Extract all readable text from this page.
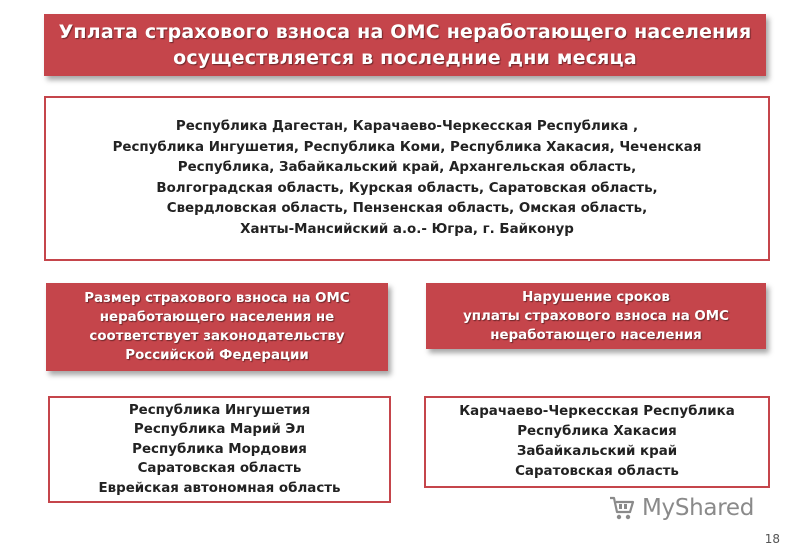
Уплата страхового взноса на ОМС неработающего населения
осуществляется в последние дни месяца
Республика Дагестан, Карачаево-Черкесская Республика ,
Республика Ингушетия, Республика Коми, Республика Хакасия, Чеченская
Республика, Забайкальский край, Архангельская область,
Волгоградская область, Курская область, Саратовская область,
Свердловская область, Пензенская область, Омская область,
Ханты-Мансийский а.о.- Югра, г. Байконур
Размер страхового взноса на ОМС
неработающего населения не
соответствует законодательству
Российской Федерации
Нарушение сроков
уплаты страхового взноса на ОМС
неработающего населения
Республика Ингушетия
Республика Марий Эл
Республика Мордовия
Саратовская область
Еврейская автономная область
Карачаево-Черкесская Республика
Республика Хакасия
Забайкальский край
Саратовская область
MyShared
18
